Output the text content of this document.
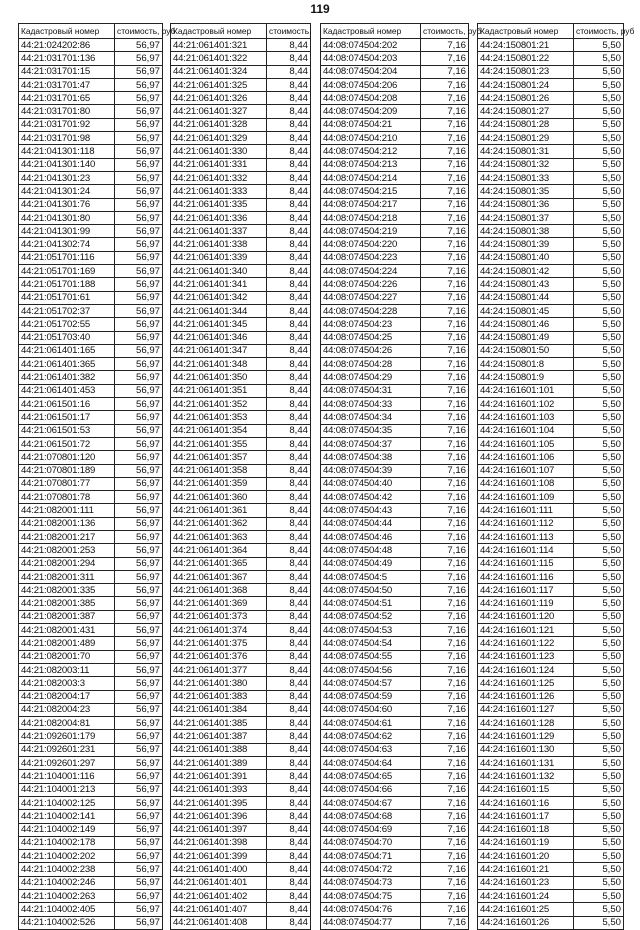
119
Кадастровый номер	стоимость, руб
44:21:024202:86	56,97
44:21:031701:136	56,97
44:21:031701:15	56,97
44:21:031701:47	56,97
44:21:031701:65	56,97
44:21:031701:80	56,97
44:21:031701:92	56,97
44:21:031701:98	56,97
44:21:041301:118	56,97
44:21:041301:140	56,97
44:21:041301:23	56,97
44:21:041301:24	56,97
44:21:041301:76	56,97
44:21:041301:80	56,97
44:21:041301:99	56,97
44:21:041302:74	56,97
44:21:051701:116	56,97
44:21:051701:169	56,97
44:21:051701:188	56,97
44:21:051701:61	56,97
44:21:051702:37	56,97
44:21:051702:55	56,97
44:21:051703:40	56,97
44:21:061401:165	56,97
44:21:061401:365	56,97
44:21:061401:382	56,97
44:21:061401:453	56,97
44:21:061501:16	56,97
44:21:061501:17	56,97
44:21:061501:53	56,97
44:21:061501:72	56,97
44:21:070801:120	56,97
44:21:070801:189	56,97
44:21:070801:77	56,97
44:21:070801:78	56,97
44:21:082001:111	56,97
44:21:082001:136	56,97
44:21:082001:217	56,97
44:21:082001:253	56,97
44:21:082001:294	56,97
44:21:082001:311	56,97
44:21:082001:335	56,97
44:21:082001:385	56,97
44:21:082001:387	56,97
44:21:082001:431	56,97
44:21:082001:489	56,97
44:21:082001:70	56,97
44:21:082003:11	56,97
44:21:082003:3	56,97
44:21:082004:17	56,97
44:21:082004:23	56,97
44:21:082004:81	56,97
44:21:092601:179	56,97
44:21:092601:231	56,97
44:21:092601:297	56,97
44:21:104001:116	56,97
44:21:104001:213	56,97
44:21:104002:125	56,97
44:21:104002:141	56,97
44:21:104002:149	56,97
44:21:104002:178	56,97
44:21:104002:202	56,97
44:21:104002:238	56,97
44:21:104002:246	56,97
44:21:104002:263	56,97
44:21:104002:405	56,97
44:21:104002:526	56,97
Кадастровый номер	стоимость,
44:21:061401:321	8,44
44:21:061401:322	8,44
44:21:061401:324	8,44
44:21:061401:325	8,44
44:21:061401:326	8,44
44:21:061401:327	8,44
44:21:061401:328	8,44
44:21:061401:329	8,44
44:21:061401:330	8,44
44:21:061401:331	8,44
44:21:061401:332	8,44
44:21:061401:333	8,44
44:21:061401:335	8,44
44:21:061401:336	8,44
44:21:061401:337	8,44
44:21:061401:338	8,44
44:21:061401:339	8,44
44:21:061401:340	8,44
44:21:061401:341	8,44
44:21:061401:342	8,44
44:21:061401:344	8,44
44:21:061401:345	8,44
44:21:061401:346	8,44
44:21:061401:347	8,44
44:21:061401:348	8,44
44:21:061401:350	8,44
44:21:061401:351	8,44
44:21:061401:352	8,44
44:21:061401:353	8,44
44:21:061401:354	8,44
44:21:061401:355	8,44
44:21:061401:357	8,44
44:21:061401:358	8,44
44:21:061401:359	8,44
44:21:061401:360	8,44
44:21:061401:361	8,44
44:21:061401:362	8,44
44:21:061401:363	8,44
44:21:061401:364	8,44
44:21:061401:365	8,44
44:21:061401:367	8,44
44:21:061401:368	8,44
44:21:061401:369	8,44
44:21:061401:373	8,44
44:21:061401:374	8,44
44:21:061401:375	8,44
44:21:061401:376	8,44
44:21:061401:377	8,44
44:21:061401:380	8,44
44:21:061401:383	8,44
44:21:061401:384	8,44
44:21:061401:385	8,44
44:21:061401:387	8,44
44:21:061401:388	8,44
44:21:061401:389	8,44
44:21:061401:391	8,44
44:21:061401:393	8,44
44:21:061401:395	8,44
44:21:061401:396	8,44
44:21:061401:397	8,44
44:21:061401:398	8,44
44:21:061401:399	8,44
44:21:061401:400	8,44
44:21:061401:401	8,44
44:21:061401:402	8,44
44:21:061401:407	8,44
44:21:061401:408	8,44
Кадастровый номер	стоимость, руб
44:08:074504:202	7,16
44:08:074504:203	7,16
44:08:074504:204	7,16
44:08:074504:206	7,16
44:08:074504:208	7,16
44:08:074504:209	7,16
44:08:074504:21	7,16
44:08:074504:210	7,16
44:08:074504:212	7,16
44:08:074504:213	7,16
44:08:074504:214	7,16
44:08:074504:215	7,16
44:08:074504:217	7,16
44:08:074504:218	7,16
44:08:074504:219	7,16
44:08:074504:220	7,16
44:08:074504:223	7,16
44:08:074504:224	7,16
44:08:074504:226	7,16
44:08:074504:227	7,16
44:08:074504:228	7,16
44:08:074504:23	7,16
44:08:074504:25	7,16
44:08:074504:26	7,16
44:08:074504:28	7,16
44:08:074504:29	7,16
44:08:074504:31	7,16
44:08:074504:33	7,16
44:08:074504:34	7,16
44:08:074504:35	7,16
44:08:074504:37	7,16
44:08:074504:38	7,16
44:08:074504:39	7,16
44:08:074504:40	7,16
44:08:074504:42	7,16
44:08:074504:43	7,16
44:08:074504:44	7,16
44:08:074504:46	7,16
44:08:074504:48	7,16
44:08:074504:49	7,16
44:08:074504:5	7,16
44:08:074504:50	7,16
44:08:074504:51	7,16
44:08:074504:52	7,16
44:08:074504:53	7,16
44:08:074504:54	7,16
44:08:074504:55	7,16
44:08:074504:56	7,16
44:08:074504:57	7,16
44:08:074504:59	7,16
44:08:074504:60	7,16
44:08:074504:61	7,16
44:08:074504:62	7,16
44:08:074504:63	7,16
44:08:074504:64	7,16
44:08:074504:65	7,16
44:08:074504:66	7,16
44:08:074504:67	7,16
44:08:074504:68	7,16
44:08:074504:69	7,16
44:08:074504:70	7,16
44:08:074504:71	7,16
44:08:074504:72	7,16
44:08:074504:73	7,16
44:08:074504:75	7,16
44:08:074504:76	7,16
44:08:074504:77	7,16
Кадастровый номер	стоимость, руб
44:24:150801:21	5,50
44:24:150801:22	5,50
44:24:150801:23	5,50
44:24:150801:24	5,50
44:24:150801:26	5,50
44:24:150801:27	5,50
44:24:150801:28	5,50
44:24:150801:29	5,50
44:24:150801:31	5,50
44:24:150801:32	5,50
44:24:150801:33	5,50
44:24:150801:35	5,50
44:24:150801:36	5,50
44:24:150801:37	5,50
44:24:150801:38	5,50
44:24:150801:39	5,50
44:24:150801:40	5,50
44:24:150801:42	5,50
44:24:150801:43	5,50
44:24:150801:44	5,50
44:24:150801:45	5,50
44:24:150801:46	5,50
44:24:150801:49	5,50
44:24:150801:50	5,50
44:24:150801:8	5,50
44:24:150801:9	5,50
44:24:161601:101	5,50
44:24:161601:102	5,50
44:24:161601:103	5,50
44:24:161601:104	5,50
44:24:161601:105	5,50
44:24:161601:106	5,50
44:24:161601:107	5,50
44:24:161601:108	5,50
44:24:161601:109	5,50
44:24:161601:111	5,50
44:24:161601:112	5,50
44:24:161601:113	5,50
44:24:161601:114	5,50
44:24:161601:115	5,50
44:24:161601:116	5,50
44:24:161601:117	5,50
44:24:161601:119	5,50
44:24:161601:120	5,50
44:24:161601:121	5,50
44:24:161601:122	5,50
44:24:161601:123	5,50
44:24:161601:124	5,50
44:24:161601:125	5,50
44:24:161601:126	5,50
44:24:161601:127	5,50
44:24:161601:128	5,50
44:24:161601:129	5,50
44:24:161601:130	5,50
44:24:161601:131	5,50
44:24:161601:132	5,50
44:24:161601:15	5,50
44:24:161601:16	5,50
44:24:161601:17	5,50
44:24:161601:18	5,50
44:24:161601:19	5,50
44:24:161601:20	5,50
44:24:161601:21	5,50
44:24:161601:23	5,50
44:24:161601:24	5,50
44:24:161601:25	5,50
44:24:161601:26	5,50
